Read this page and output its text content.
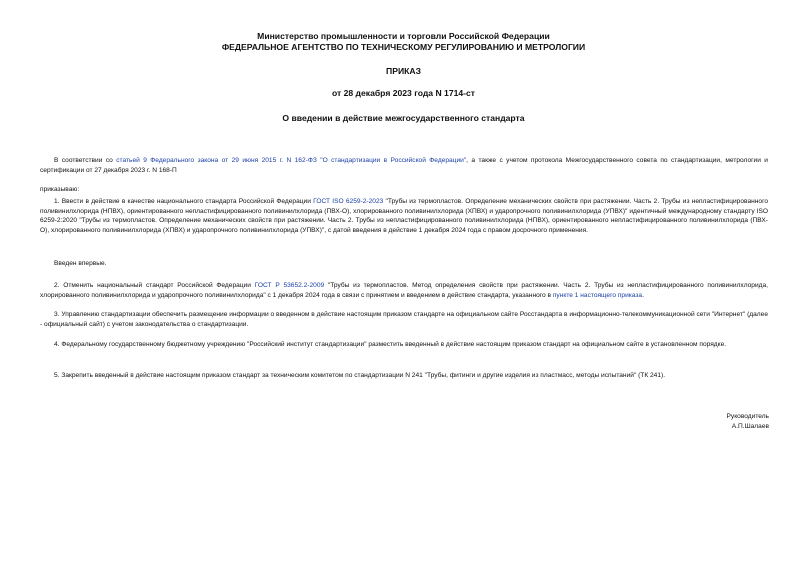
Министерство промышленности и торговли Российской Федерации
ФЕДЕРАЛЬНОЕ АГЕНТСТВО ПО ТЕХНИЧЕСКОМУ РЕГУЛИРОВАНИЮ И МЕТРОЛОГИИ
ПРИКАЗ
от 28 декабря 2023 года N 1714-ст
О введении в действие межгосударственного стандарта
В соответствии со статьей 9 Федерального закона от 29 июня 2015 г. N 162-ФЗ "О стандартизации в Российской Федерации", а также с учетом протокола Межгосударственного совета по стандартизации, метрологии и сертификации от 27 декабря 2023 г. N 168-П
приказываю:
1. Ввести в действие в качестве национального стандарта Российской Федерации ГОСТ ISO 6259-2-2023 "Трубы из термопластов. Определение механических свойств при растяжении. Часть 2. Трубы из непластифицированного поливинилхлорида (НПВХ), ориентированного непластифицированного поливинилхлорида (ПВХ-О), хлорированного поливинилхлорида (ХПВХ) и ударопрочного поливинилхлорида (УПВХ)" идентичный международному стандарту ISO 6259-2:2020 "Трубы из термопластов. Определение механических свойств при растяжении. Часть 2. Трубы из непластифицированного поливинилхлорида (НПВХ), ориентированного непластифицированного поливинилхлорида (ПВХ-О), хлорированного поливинилхлорида (ХПВХ) и ударопрочного поливинилхлорида (УПВХ)", с датой введения в действие 1 декабря 2024 года с правом досрочного применения.
Введен впервые.
2. Отменить национальный стандарт Российской Федерации ГОСТ Р 53652.2-2009 "Трубы из термопластов. Метод определения свойств при растяжении. Часть 2. Трубы из непластифицированного поливинилхлорида, хлорированного поливинилхлорида и ударопрочного поливинилхлорида" с 1 декабря 2024 года в связи с принятием и введением в действие стандарта, указанного в пункте 1 настоящего приказа.
3. Управлению стандартизации обеспечить размещение информации о введенном в действие настоящим приказом стандарте на официальном сайте Росстандарта в информационно-телекоммуникационной сети "Интернет" (далее - официальный сайт) с учетом законодательства о стандартизации.
4. Федеральному государственному бюджетному учреждению "Российский институт стандартизации" разместить введенный в действие настоящим приказом стандарт на официальном сайте в установленном порядке.
5. Закрепить введенный в действие настоящим приказом стандарт за техническим комитетом по стандартизации N 241 "Трубы, фитинги и другие изделия из пластмасс, методы испытаний" (ТК 241).
Руководитель
А.П.Шалаев
